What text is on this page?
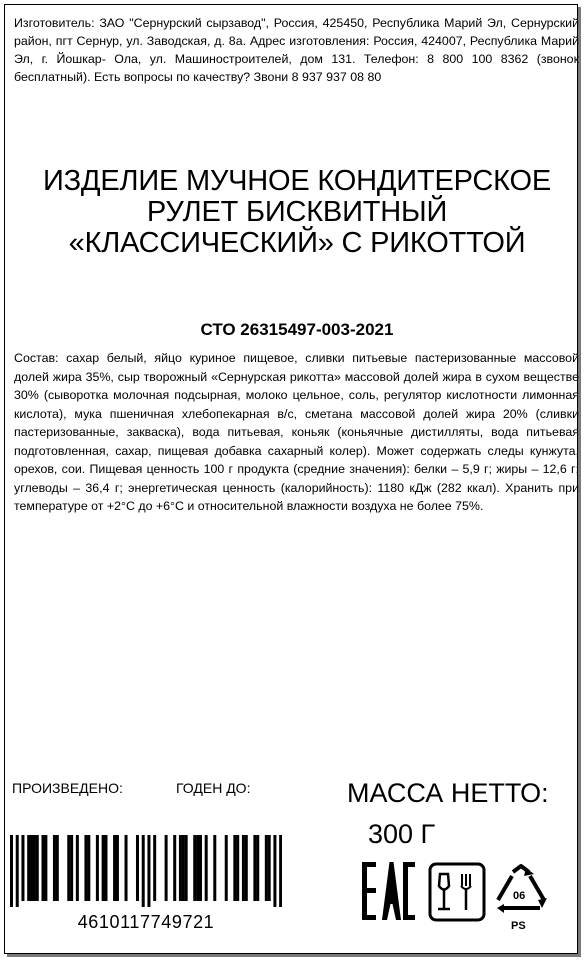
Изготовитель: ЗАО "Сернурский сырзавод", Россия, 425450, Республика Марий Эл, Сернурский район, пгт Сернур, ул. Заводская, д. 8а. Адрес изготовления: Россия, 424007, Республика Марий Эл, г. Йошкар- Ола, ул. Машиностроителей, дом 131. Телефон: 8 800 100 8362 (звонок бесплатный). Есть вопросы по качеству? Звони 8 937 937 08 80
ИЗДЕЛИЕ МУЧНОЕ КОНДИТЕРСКОЕ
РУЛЕТ БИСКВИТНЫЙ
«КЛАССИЧЕСКИЙ» С РИКОТТОЙ
СТО 26315497-003-2021
Состав: сахар белый, яйцо куриное пищевое, сливки питьевые пастеризованные массовой долей жира 35%, сыр творожный «Сернурская рикотта» массовой долей жира в сухом веществе 30% (сыворотка молочная подсырная, молоко цельное, соль, регулятор кислотности лимонная кислота), мука пшеничная хлебопекарная в/с, сметана массовой долей жира 20% (сливки пастеризованные, закваска), вода питьевая, коньяк (коньячные дистилляты, вода питьевая подготовленная, сахар, пищевая добавка сахарный колер). Может содержать следы кунжута, орехов, сои. Пищевая ценность 100 г продукта (средние значения): белки – 5,9 г; жиры – 12,6 г; углеводы – 36,4 г; энергетическая ценность (калорийность): 1180 кДж (282 ккал). Хранить при температуре от +2°C до +6°C и относительной влажности воздуха не более 75%.
ПРОИЗВЕДЕНО:	ГОДЕН ДО:	МАССА НЕТТО:
300 Г
4610117749721
06
PS
